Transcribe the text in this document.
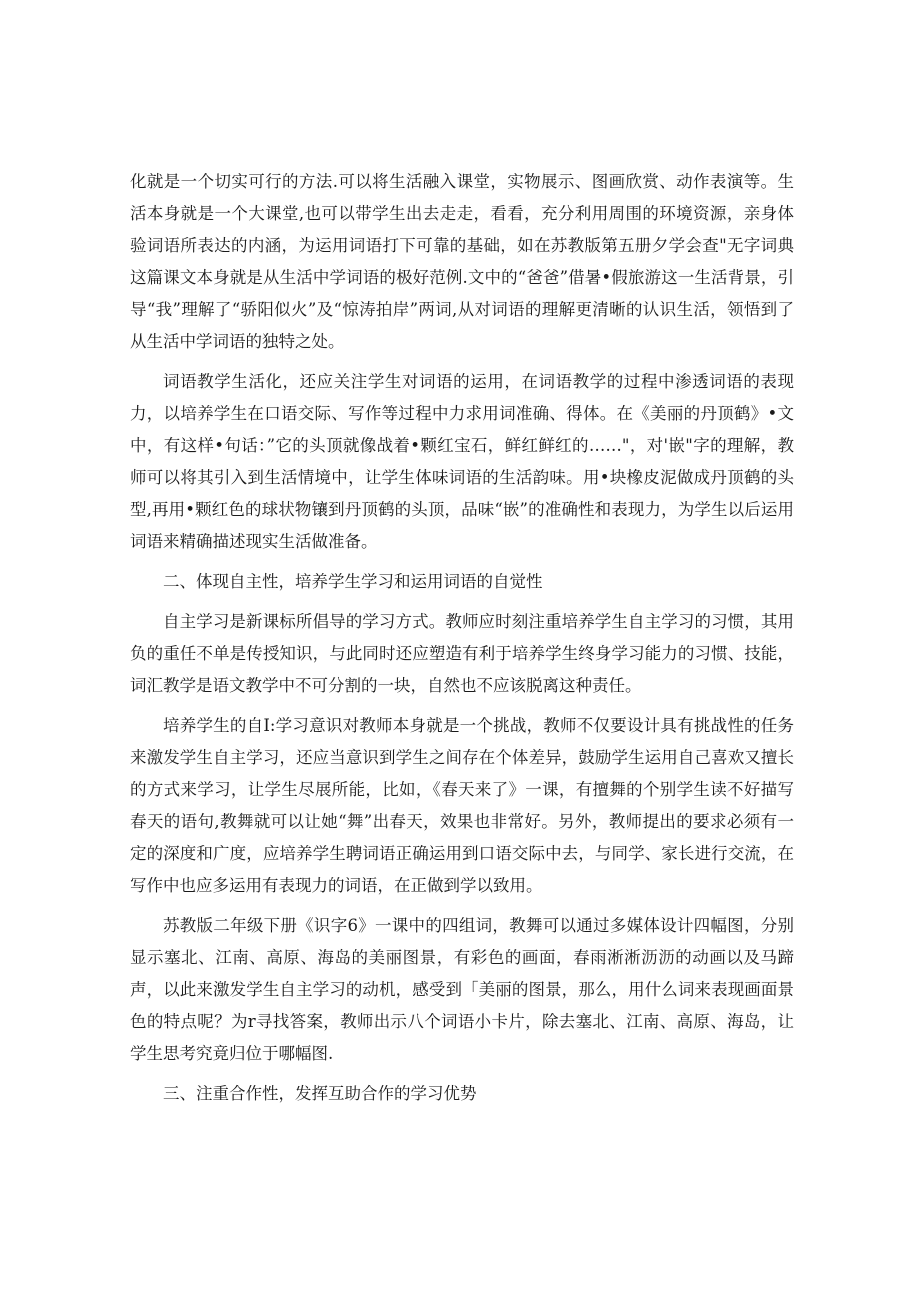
化就是一个切实可行的方法.可以将生活融入课堂，实物展示、图画欣赏、动作表演等。生活本身就是一个大课堂,也可以带学生出去走走，看看，充分利用周围的环境资源，亲身体验词语所表达的内涵，为运用词语打下可靠的基础，如在苏教版第五册夕学会查"无字词典这篇课文本身就是从生活中学词语的极好范例.文中的“爸爸”借暑•假旅游这一生活背景，引导“我”理解了“骄阳似火”及“惊涛拍岸”两词,从对词语的理解更清晰的认识生活，领悟到了从生活中学词语的独特之处。

词语教学生活化，还应关注学生对词语的运用，在词语教学的过程中渗透词语的表现力，以培养学生在口语交际、写作等过程中力求用词准确、得体。在《美丽的丹顶鹤》•文中，有这样•句话：”它的头顶就像战着•颗红宝石，鲜红鲜红的……"，对'嵌"字的理解，教师可以将其引入到生活情境中，让学生体味词语的生活韵味。用•块橡皮泥做成丹顶鹤的头型,再用•颗红色的球状物镶到丹顶鹤的头顶，品味“嵌”的准确性和表现力，为学生以后运用词语来精确描述现实生活做准备。

二、体现自主性，培养学生学习和运用词语的自觉性

自主学习是新课标所倡导的学习方式。教师应时刻注重培养学生自主学习的习惯，其用负的重任不单是传授知识，与此同时还应塑造有利于培养学生终身学习能力的习惯、技能，词汇教学是语文教学中不可分割的一块，自然也不应该脱离这种责任。

培养学生的自I:学习意识对教师本身就是一个挑战，教师不仅要设计具有挑战性的任务来激发学生自主学习，还应当意识到学生之间存在个体差异，鼓励学生运用自己喜欢又擅长的方式来学习，让学生尽展所能，比如，《春天来了》一课，有擅舞的个别学生读不好描写春天的语句,教舞就可以让她“舞”出春天，效果也非常好。另外，教师提出的要求必须有一定的深度和广度，应培养学生聘词语正确运用到口语交际中去，与同学、家长进行交流，在写作中也应多运用有表现力的词语，在正做到学以致用。

苏教版二年级下册《识字6》一课中的四组词，教舞可以通过多媒体设计四幅图，分别显示塞北、江南、高原、海岛的美丽图景，有彩色的画面，春雨淅淅沥沥的动画以及马蹄声，以此来激发学生自主学习的动机，感受到「美丽的图景，那么，用什么词来表现画面景色的特点呢？为r寻找答案，教师出示八个词语小卡片，除去塞北、江南、高原、海岛，让学生思考究竟归位于哪幅图.

三、注重合作性，发挥互助合作的学习优势
